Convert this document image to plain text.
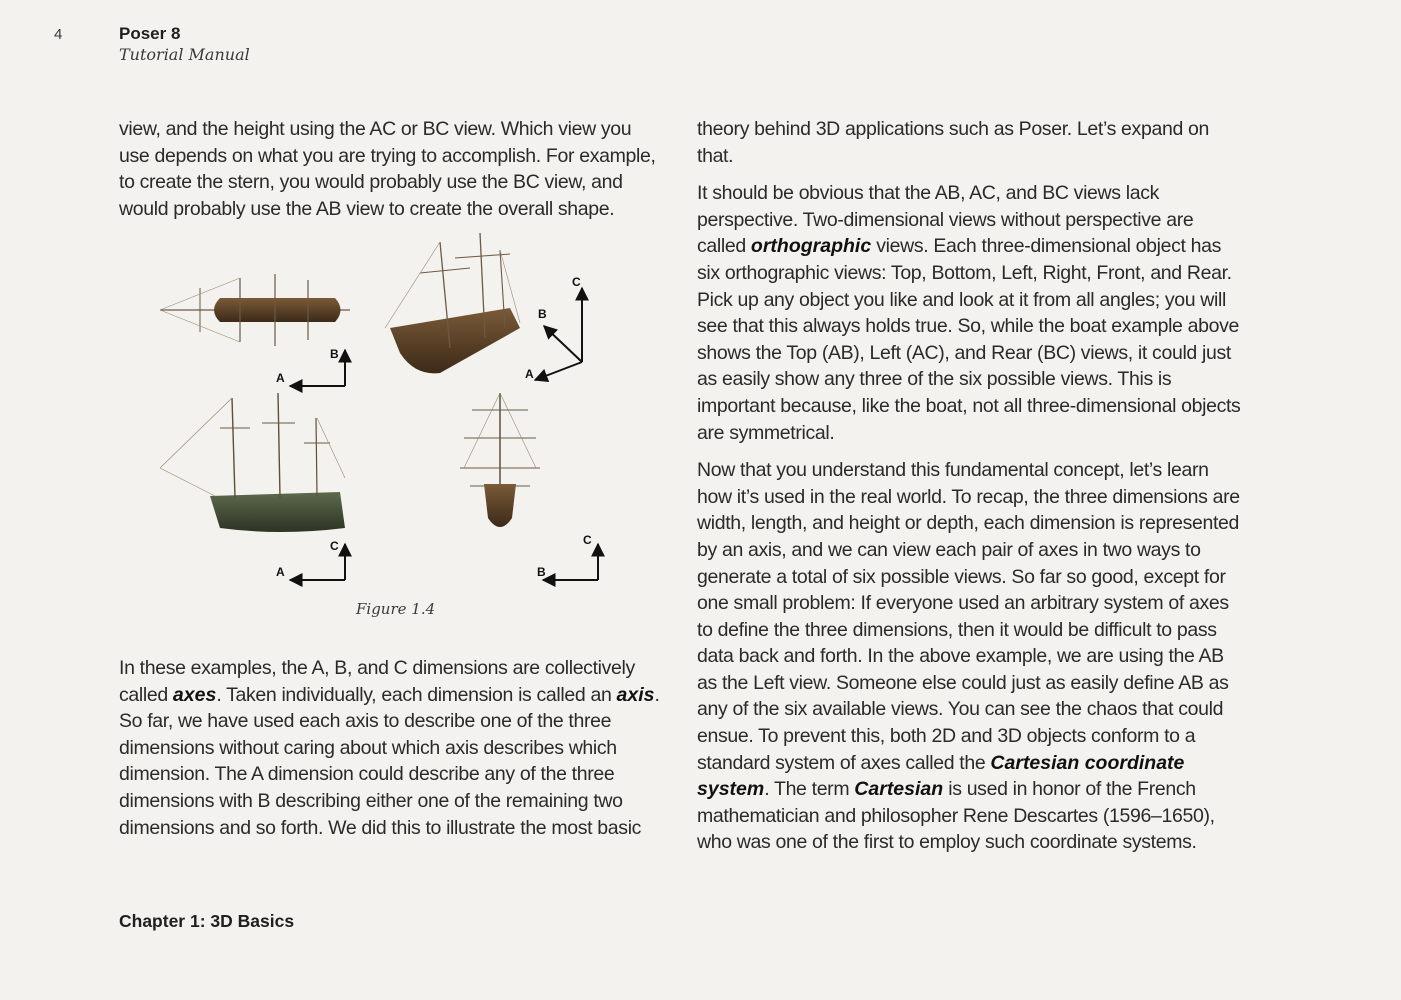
4	Poser 8
Tutorial Manual

view, and the height using the AC or BC view. Which view you use depends on what you are trying to accomplish. For example, to create the stern, you would probably use the BC view, and would probably use the AB view to create the overall shape.

A
B
A
B
C
A
C
B
C
Figure 1.4

In these examples, the A, B, and C dimensions are collectively called axes. Taken individually, each dimension is called an axis. So far, we have used each axis to describe one of the three dimensions without caring about which axis describes which dimension. The A dimension could describe any of the three dimensions with B describing either one of the remaining two dimensions and so forth. We did this to illustrate the most basic

theory behind 3D applications such as Poser. Let’s expand on that.

It should be obvious that the AB, AC, and BC views lack perspective. Two-dimensional views without perspective are called orthographic views. Each three-dimensional object has six orthographic views: Top, Bottom, Left, Right, Front, and Rear. Pick up any object you like and look at it from all angles; you will see that this always holds true. So, while the boat example above shows the Top (AB), Left (AC), and Rear (BC) views, it could just as easily show any three of the six possible views. This is important because, like the boat, not all three-dimensional objects are symmetrical.

Now that you understand this fundamental concept, let’s learn how it’s used in the real world. To recap, the three dimensions are width, length, and height or depth, each dimension is represented by an axis, and we can view each pair of axes in two ways to generate a total of six possible views. So far so good, except for one small problem: If everyone used an arbitrary system of axes to define the three dimensions, then it would be difficult to pass data back and forth. In the above example, we are using the AB as the Left view. Someone else could just as easily define AB as any of the six available views. You can see the chaos that could ensue. To prevent this, both 2D and 3D objects conform to a standard system of axes called the Cartesian coordinate system. The term Cartesian is used in honor of the French mathematician and philosopher Rene Descartes (1596–1650), who was one of the first to employ such coordinate systems.

Chapter 1: 3D Basics
